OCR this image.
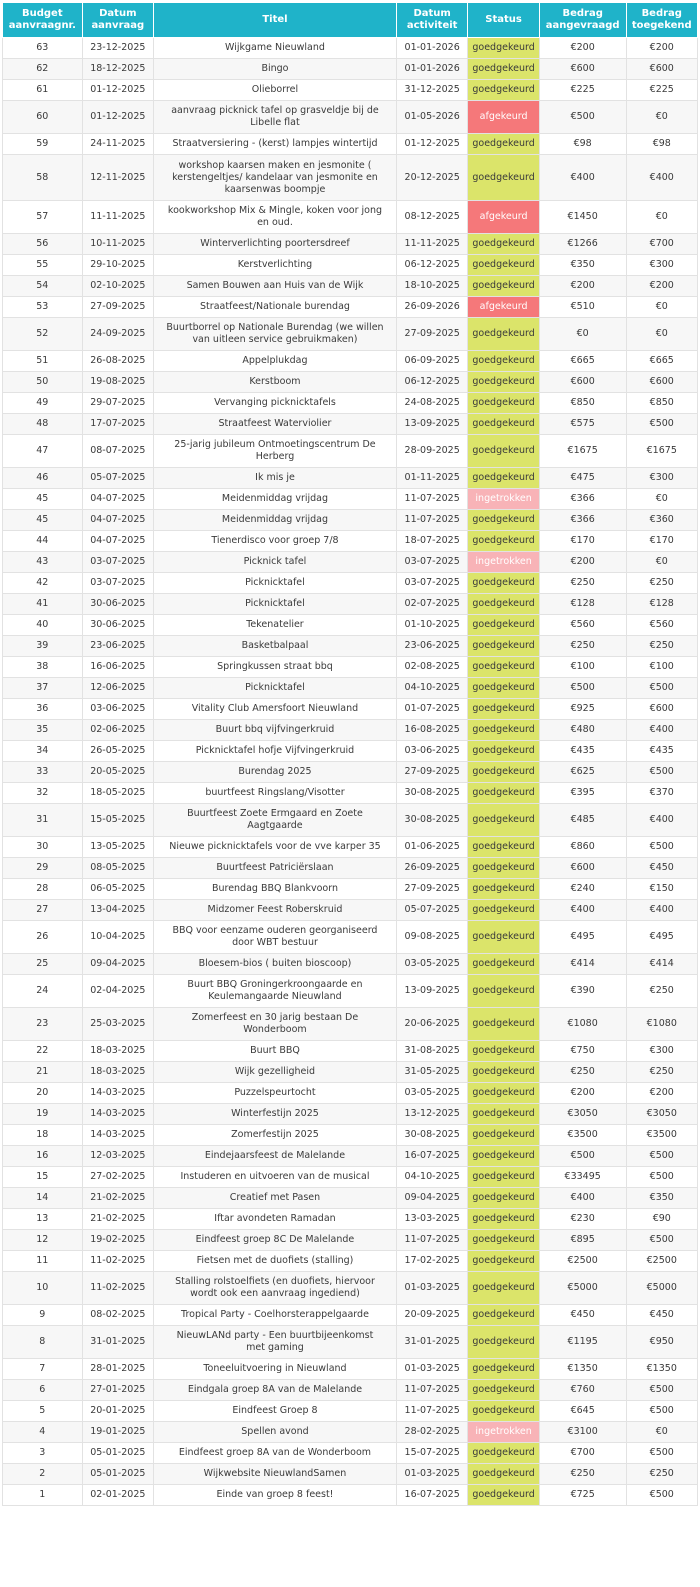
Budget aanvraagnr.	Datum aanvraag	Titel	Datum activiteit	Status	Bedrag aangevraagd	Bedrag toegekend
63	23-12-2025	Wijkgame Nieuwland	01-01-2026	goedgekeurd	€200	€200
62	18-12-2025	Bingo	01-01-2026	goedgekeurd	€600	€600
61	01-12-2025	Olieborrel	31-12-2025	goedgekeurd	€225	€225
60	01-12-2025	aanvraag picknick tafel op grasveldje bij de Libelle flat	01-05-2026	afgekeurd	€500	€0
59	24-11-2025	Straatversiering - (kerst) lampjes wintertijd	01-12-2025	goedgekeurd	€98	€98
58	12-11-2025	workshop kaarsen maken en jesmonite ( kerstengeltjes/ kandelaar van jesmonite en kaarsenwas boompje	20-12-2025	goedgekeurd	€400	€400
57	11-11-2025	kookworkshop Mix & Mingle, koken voor jong en oud.	08-12-2025	afgekeurd	€1450	€0
56	10-11-2025	Winterverlichting poortersdreef	11-11-2025	goedgekeurd	€1266	€700
55	29-10-2025	Kerstverlichting	06-12-2025	goedgekeurd	€350	€300
54	02-10-2025	Samen Bouwen aan Huis van de Wijk	18-10-2025	goedgekeurd	€200	€200
53	27-09-2025	Straatfeest/Nationale burendag	26-09-2026	afgekeurd	€510	€0
52	24-09-2025	Buurtborrel op Nationale Burendag (we willen van uitleen service gebruikmaken)	27-09-2025	goedgekeurd	€0	€0
51	26-08-2025	Appelplukdag	06-09-2025	goedgekeurd	€665	€665
50	19-08-2025	Kerstboom	06-12-2025	goedgekeurd	€600	€600
49	29-07-2025	Vervanging picknicktafels	24-08-2025	goedgekeurd	€850	€850
48	17-07-2025	Straatfeest Waterviolier	13-09-2025	goedgekeurd	€575	€500
47	08-07-2025	25-jarig jubileum Ontmoetingscentrum De Herberg	28-09-2025	goedgekeurd	€1675	€1675
46	05-07-2025	Ik mis je	01-11-2025	goedgekeurd	€475	€300
45	04-07-2025	Meidenmiddag vrijdag	11-07-2025	ingetrokken	€366	€0
45	04-07-2025	Meidenmiddag vrijdag	11-07-2025	goedgekeurd	€366	€360
44	04-07-2025	Tienerdisco voor groep 7/8	18-07-2025	goedgekeurd	€170	€170
43	03-07-2025	Picknick tafel	03-07-2025	ingetrokken	€200	€0
42	03-07-2025	Picknicktafel	03-07-2025	goedgekeurd	€250	€250
41	30-06-2025	Picknicktafel	02-07-2025	goedgekeurd	€128	€128
40	30-06-2025	Tekenatelier	01-10-2025	goedgekeurd	€560	€560
39	23-06-2025	Basketbalpaal	23-06-2025	goedgekeurd	€250	€250
38	16-06-2025	Springkussen straat bbq	02-08-2025	goedgekeurd	€100	€100
37	12-06-2025	Picknicktafel	04-10-2025	goedgekeurd	€500	€500
36	03-06-2025	Vitality Club Amersfoort Nieuwland	01-07-2025	goedgekeurd	€925	€600
35	02-06-2025	Buurt bbq vijfvingerkruid	16-08-2025	goedgekeurd	€480	€400
34	26-05-2025	Picknicktafel hofje Vijfvingerkruid	03-06-2025	goedgekeurd	€435	€435
33	20-05-2025	Burendag 2025	27-09-2025	goedgekeurd	€625	€500
32	18-05-2025	buurtfeest Ringslang/Visotter	30-08-2025	goedgekeurd	€395	€370
31	15-05-2025	Buurtfeest Zoete Ermgaard en Zoete Aagtgaarde	30-08-2025	goedgekeurd	€485	€400
30	13-05-2025	Nieuwe picknicktafels voor de vve karper 35	01-06-2025	goedgekeurd	€860	€500
29	08-05-2025	Buurtfeest Patriciërslaan	26-09-2025	goedgekeurd	€600	€450
28	06-05-2025	Burendag BBQ Blankvoorn	27-09-2025	goedgekeurd	€240	€150
27	13-04-2025	Midzomer Feest Roberskruid	05-07-2025	goedgekeurd	€400	€400
26	10-04-2025	BBQ voor eenzame ouderen georganiseerd door WBT bestuur	09-08-2025	goedgekeurd	€495	€495
25	09-04-2025	Bloesem-bios ( buiten bioscoop)	03-05-2025	goedgekeurd	€414	€414
24	02-04-2025	Buurt BBQ Groningerkroongaarde en Keulemangaarde Nieuwland	13-09-2025	goedgekeurd	€390	€250
23	25-03-2025	Zomerfeest en 30 jarig bestaan De Wonderboom	20-06-2025	goedgekeurd	€1080	€1080
22	18-03-2025	Buurt BBQ	31-08-2025	goedgekeurd	€750	€300
21	18-03-2025	Wijk gezelligheid	31-05-2025	goedgekeurd	€250	€250
20	14-03-2025	Puzzelspeurtocht	03-05-2025	goedgekeurd	€200	€200
19	14-03-2025	Winterfestijn 2025	13-12-2025	goedgekeurd	€3050	€3050
18	14-03-2025	Zomerfestijn 2025	30-08-2025	goedgekeurd	€3500	€3500
16	12-03-2025	Eindejaarsfeest de Malelande	16-07-2025	goedgekeurd	€500	€500
15	27-02-2025	Instuderen en uitvoeren van de musical	04-10-2025	goedgekeurd	€33495	€500
14	21-02-2025	Creatief met Pasen	09-04-2025	goedgekeurd	€400	€350
13	21-02-2025	Iftar avondeten Ramadan	13-03-2025	goedgekeurd	€230	€90
12	19-02-2025	Eindfeest groep 8C De Malelande	11-07-2025	goedgekeurd	€895	€500
11	11-02-2025	Fietsen met de duofiets (stalling)	17-02-2025	goedgekeurd	€2500	€2500
10	11-02-2025	Stalling rolstoelfiets (en duofiets, hiervoor wordt ook een aanvraag ingediend)	01-03-2025	goedgekeurd	€5000	€5000
9	08-02-2025	Tropical Party - Coelhorsterappelgaarde	20-09-2025	goedgekeurd	€450	€450
8	31-01-2025	NieuwLANd party - Een buurtbijeenkomst met gaming	31-01-2025	goedgekeurd	€1195	€950
7	28-01-2025	Toneeluitvoering in Nieuwland	01-03-2025	goedgekeurd	€1350	€1350
6	27-01-2025	Eindgala groep 8A van de Malelande	11-07-2025	goedgekeurd	€760	€500
5	20-01-2025	Eindfeest Groep 8	11-07-2025	goedgekeurd	€645	€500
4	19-01-2025	Spellen avond	28-02-2025	ingetrokken	€3100	€0
3	05-01-2025	Eindfeest groep 8A van de Wonderboom	15-07-2025	goedgekeurd	€700	€500
2	05-01-2025	Wijkwebsite NieuwlandSamen	01-03-2025	goedgekeurd	€250	€250
1	02-01-2025	Einde van groep 8 feest!	16-07-2025	goedgekeurd	€725	€500
